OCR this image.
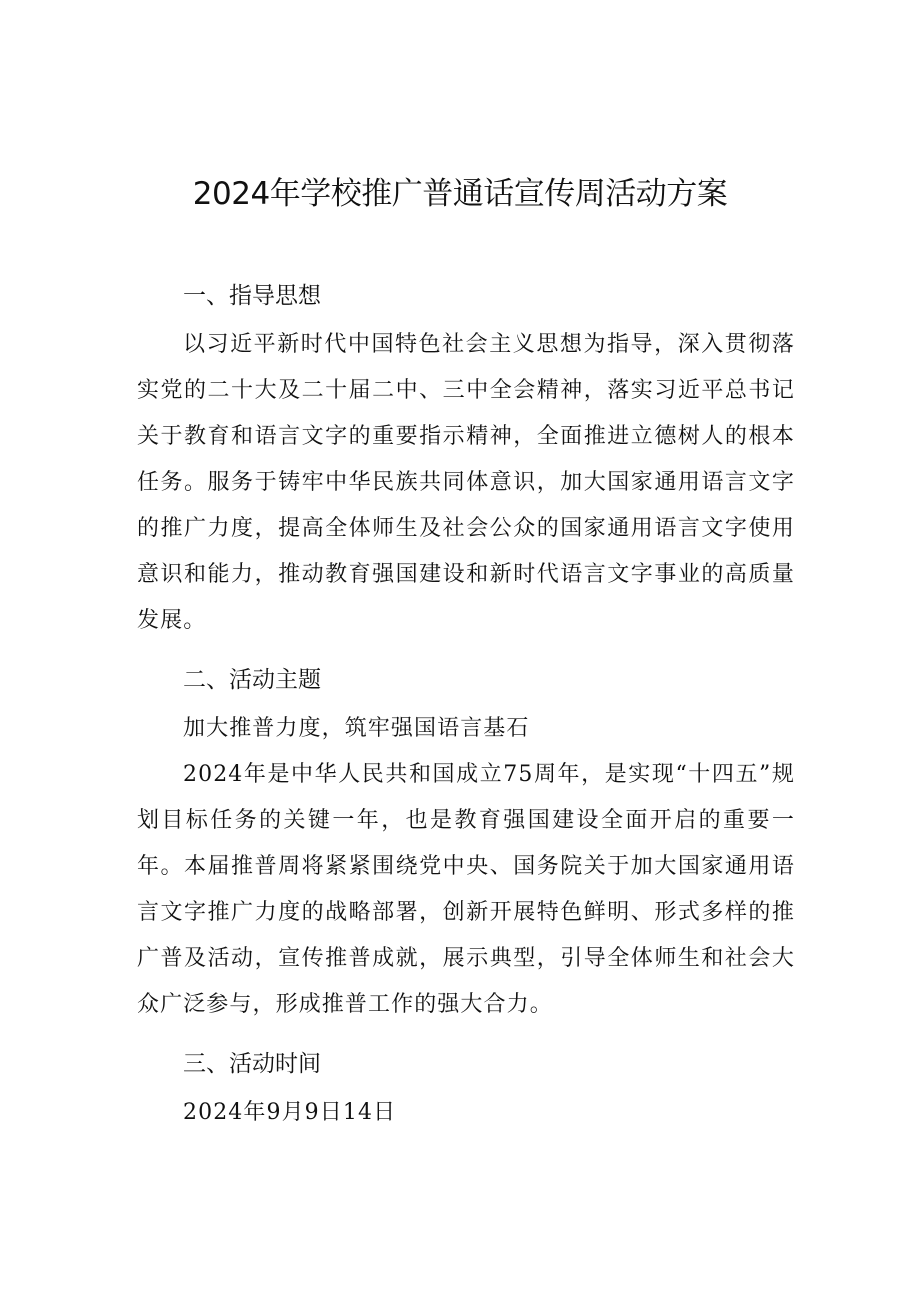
2024年学校推广普通话宣传周活动方案
一、指导思想

以习近平新时代中国特色社会主义思想为指导，深入贯彻落实党的二十大及二十届二中、三中全会精神，落实习近平总书记关于教育和语言文字的重要指示精神，全面推进立德树人的根本任务。服务于铸牢中华民族共同体意识，加大国家通用语言文字的推广力度，提高全体师生及社会公众的国家通用语言文字使用意识和能力，推动教育强国建设和新时代语言文字事业的高质量发展。

二、活动主题

加大推普力度，筑牢强国语言基石

2024年是中华人民共和国成立75周年，是实现“十四五”规划目标任务的关键一年，也是教育强国建设全面开启的重要一年。本届推普周将紧紧围绕党中央、国务院关于加大国家通用语言文字推广力度的战略部署，创新开展特色鲜明、形式多样的推广普及活动，宣传推普成就，展示典型，引导全体师生和社会大众广泛参与，形成推普工作的强大合力。

三、活动时间

2024年9月9日14日
